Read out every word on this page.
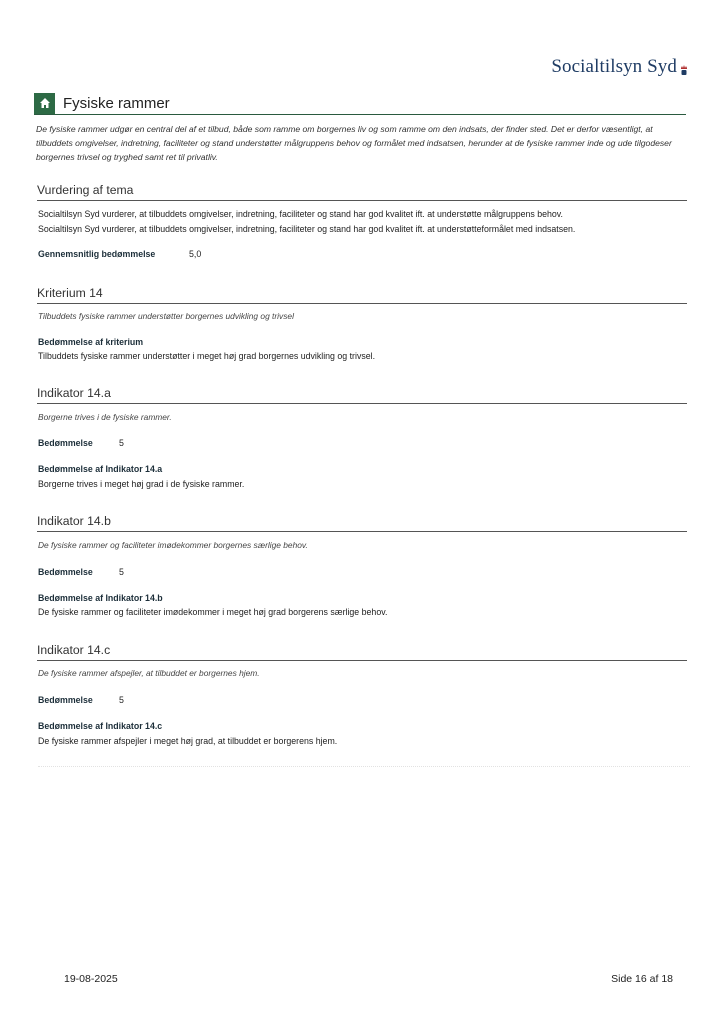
Socialtilsyn Syd
Fysiske rammer
De fysiske rammer udgør en central del af et tilbud, både som ramme om borgernes liv og som ramme om den indsats, der finder sted. Det er derfor væsentligt, at tilbuddets omgivelser, indretning, faciliteter og stand understøtter målgruppens behov og formålet med indsatsen, herunder at de fysiske rammer inde og ude tilgodeser borgernes trivsel og tryghed samt ret til privatliv.
Vurdering af tema
Socialtilsyn Syd vurderer, at tilbuddets omgivelser, indretning, faciliteter og stand har god kvalitet ift. at understøtte målgruppens behov.
Socialtilsyn Syd vurderer, at tilbuddets omgivelser, indretning, faciliteter og stand har god kvalitet ift. at understøtteformålet med indsatsen.
Gennemsnitlig bedømmelse	5,0
Kriterium 14
Tilbuddets fysiske rammer understøtter borgernes udvikling og trivsel
Bedømmelse af kriterium
Tilbuddets fysiske rammer understøtter i meget høj grad borgernes udvikling og trivsel.
Indikator 14.a
Borgerne trives i de fysiske rammer.
Bedømmelse	5
Bedømmelse af Indikator 14.a
Borgerne trives i meget høj grad i de fysiske rammer.
Indikator 14.b
De fysiske rammer og faciliteter imødekommer borgernes særlige behov.
Bedømmelse	5
Bedømmelse af Indikator 14.b
De fysiske rammer og faciliteter imødekommer i meget høj grad borgerens særlige behov.
Indikator 14.c
De fysiske rammer afspejler, at tilbuddet er borgernes hjem.
Bedømmelse	5
Bedømmelse af Indikator 14.c
De fysiske rammer afspejler i meget høj grad, at tilbuddet er borgerens hjem.
19-08-2025	Side 16 af 18
